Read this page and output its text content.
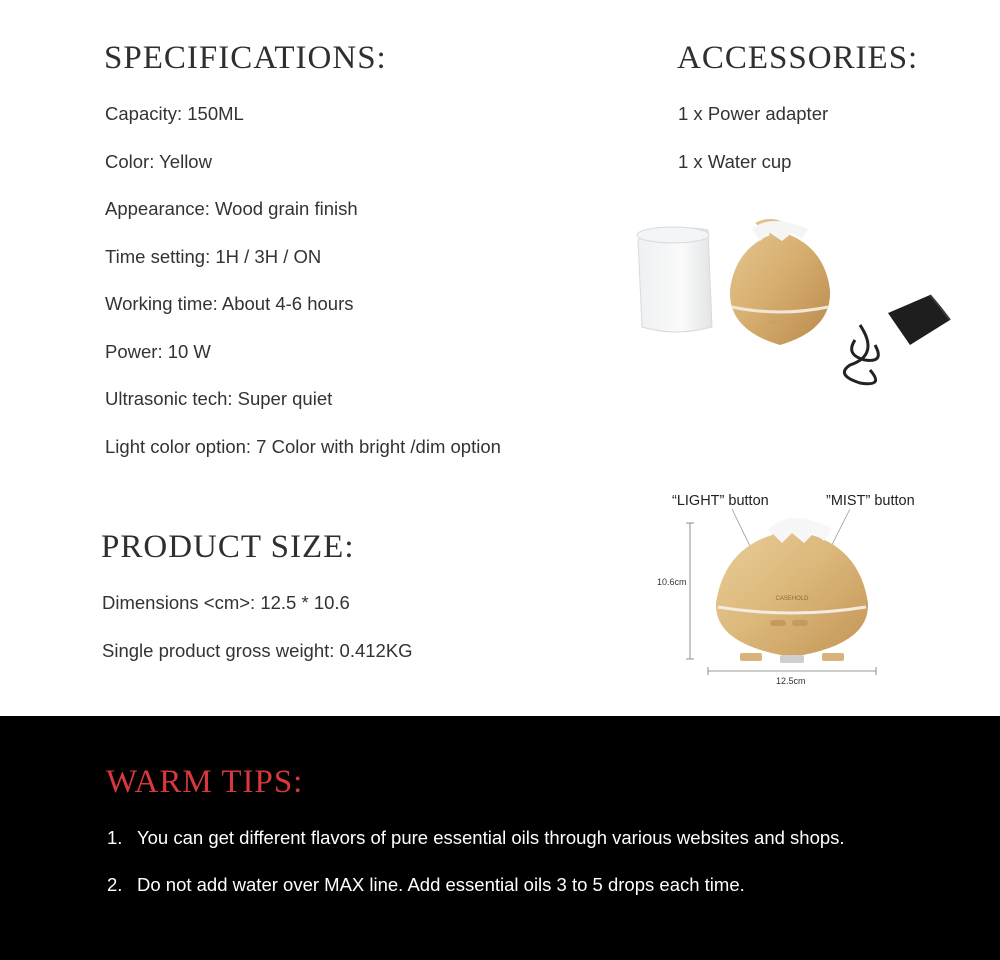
SPECIFICATIONS:
Capacity: 150ML
Color: Yellow
Appearance: Wood grain finish
Time setting: 1H / 3H / ON
Working time: About 4-6 hours
Power: 10 W
Ultrasonic tech: Super quiet
Light color option: 7 Color with bright /dim option
ACCESSORIES:
1 x Power adapter
1 x Water cup
PRODUCT SIZE:
Dimensions <cm>: 12.5 * 10.6
Single product gross weight: 0.412KG
“LIGHT” button	”MIST” button
10.6cm
12.5cm
CASEHOLD
WARM TIPS:
1. You can get different flavors of pure essential oils through various websites and shops.
2. Do not add water over MAX line. Add essential oils 3 to 5 drops each time.
